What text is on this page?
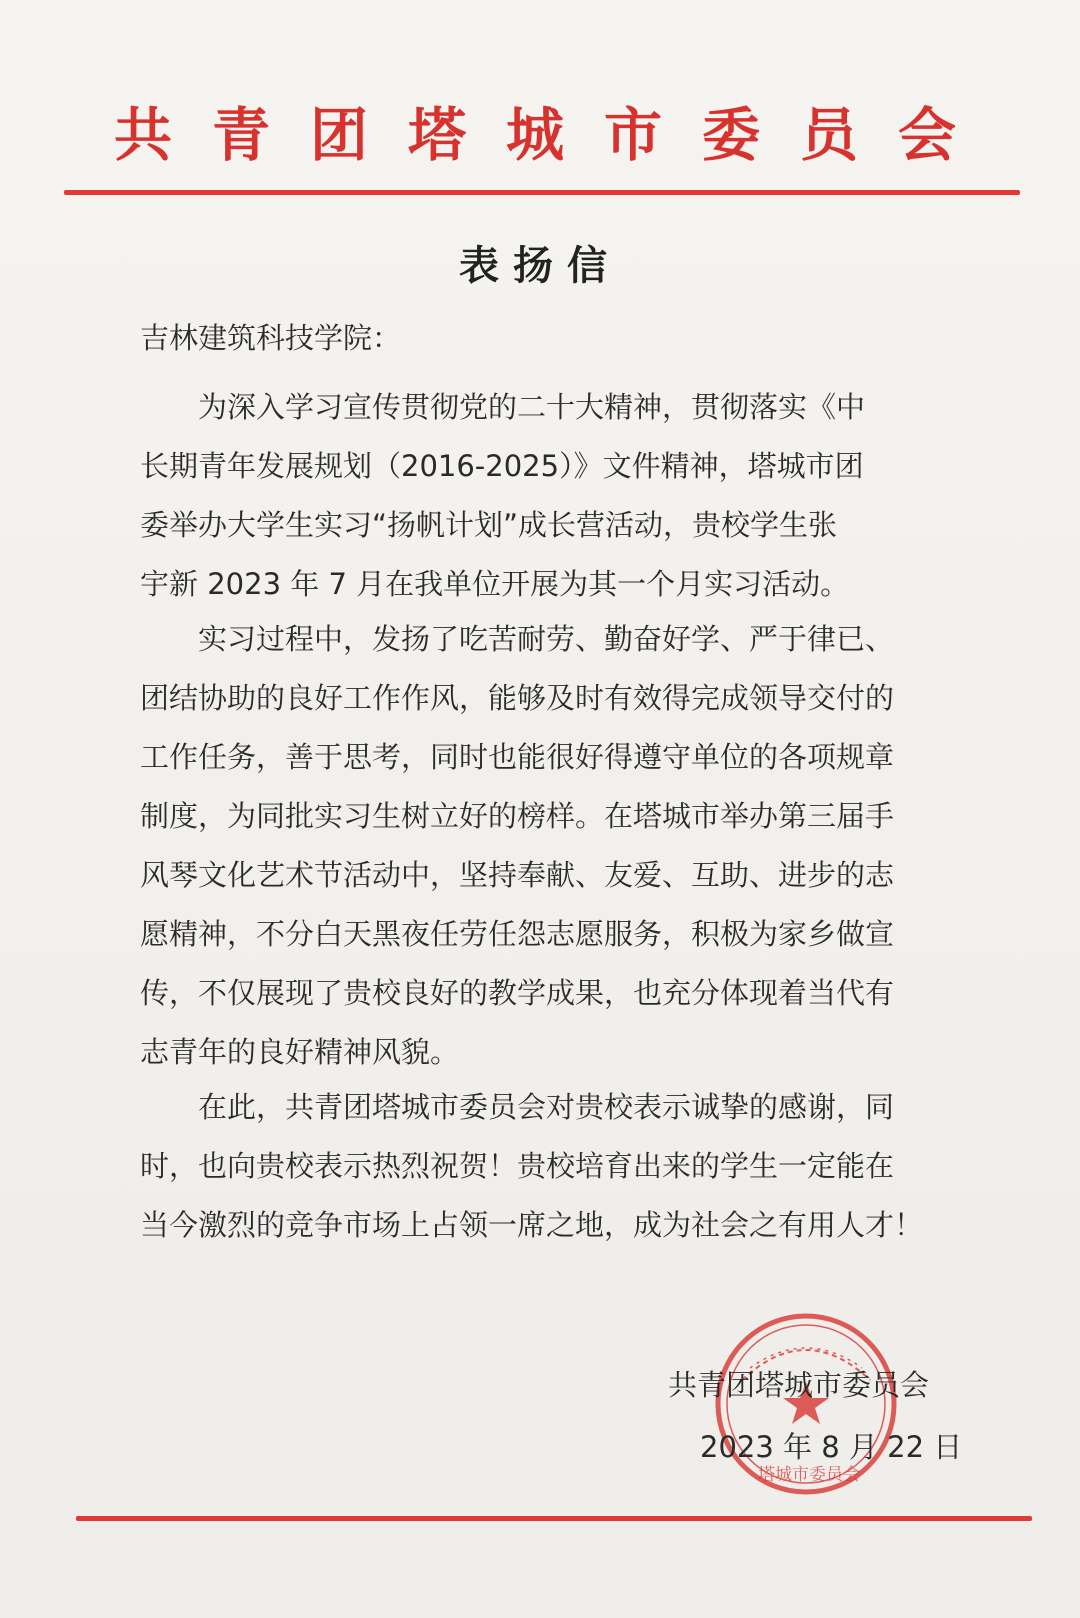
共青团塔城市委员会
表扬信
吉林建筑科技学院：
为深入学习宣传贯彻党的二十大精神，贯彻落实《中
长期青年发展规划（2016-2025）》文件精神，塔城市团
委举办大学生实习“扬帆计划”成长营活动，贵校学生张
宇新 2023 年 7 月在我单位开展为其一个月实习活动。
实习过程中，发扬了吃苦耐劳、勤奋好学、严于律已、
团结协助的良好工作作风，能够及时有效得完成领导交付的
工作任务，善于思考，同时也能很好得遵守单位的各项规章
制度，为同批实习生树立好的榜样。在塔城市举办第三届手
风琴文化艺术节活动中，坚持奉献、友爱、互助、进步的志
愿精神，不分白天黑夜任劳任怨志愿服务，积极为家乡做宣
传，不仅展现了贵校良好的教学成果，也充分体现着当代有
志青年的良好精神风貌。
在此，共青团塔城市委员会对贵校表示诚挚的感谢，同
时，也向贵校表示热烈祝贺！贵校培育出来的学生一定能在
当今激烈的竞争市场上占领一席之地，成为社会之有用人才！
塔城市委员会
共青团塔城市委员会
2023 年 8 月 22 日
